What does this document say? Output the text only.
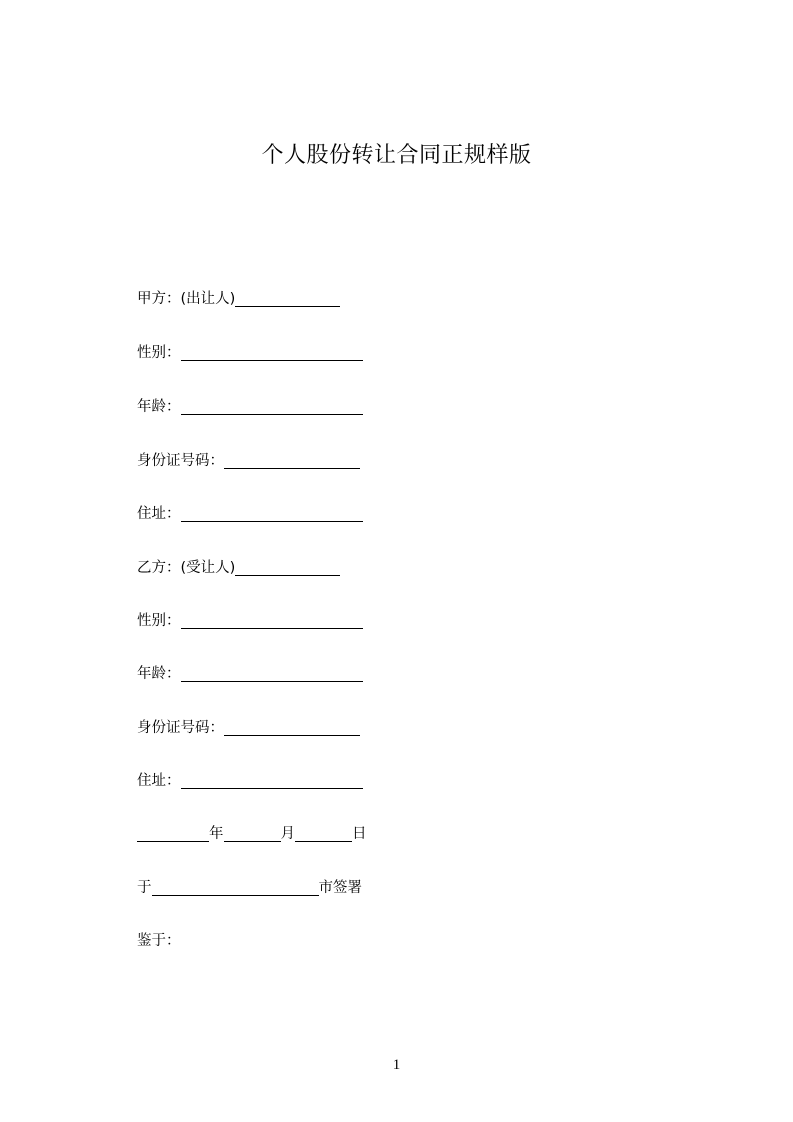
个人股份转让合同正规样版
甲方：(出让人)
性别：
年龄：
身份证号码：
住址：
乙方：(受让人)
性别：
年龄：
身份证号码：
住址：
年	月	日
于	市签署
鉴于：
1
